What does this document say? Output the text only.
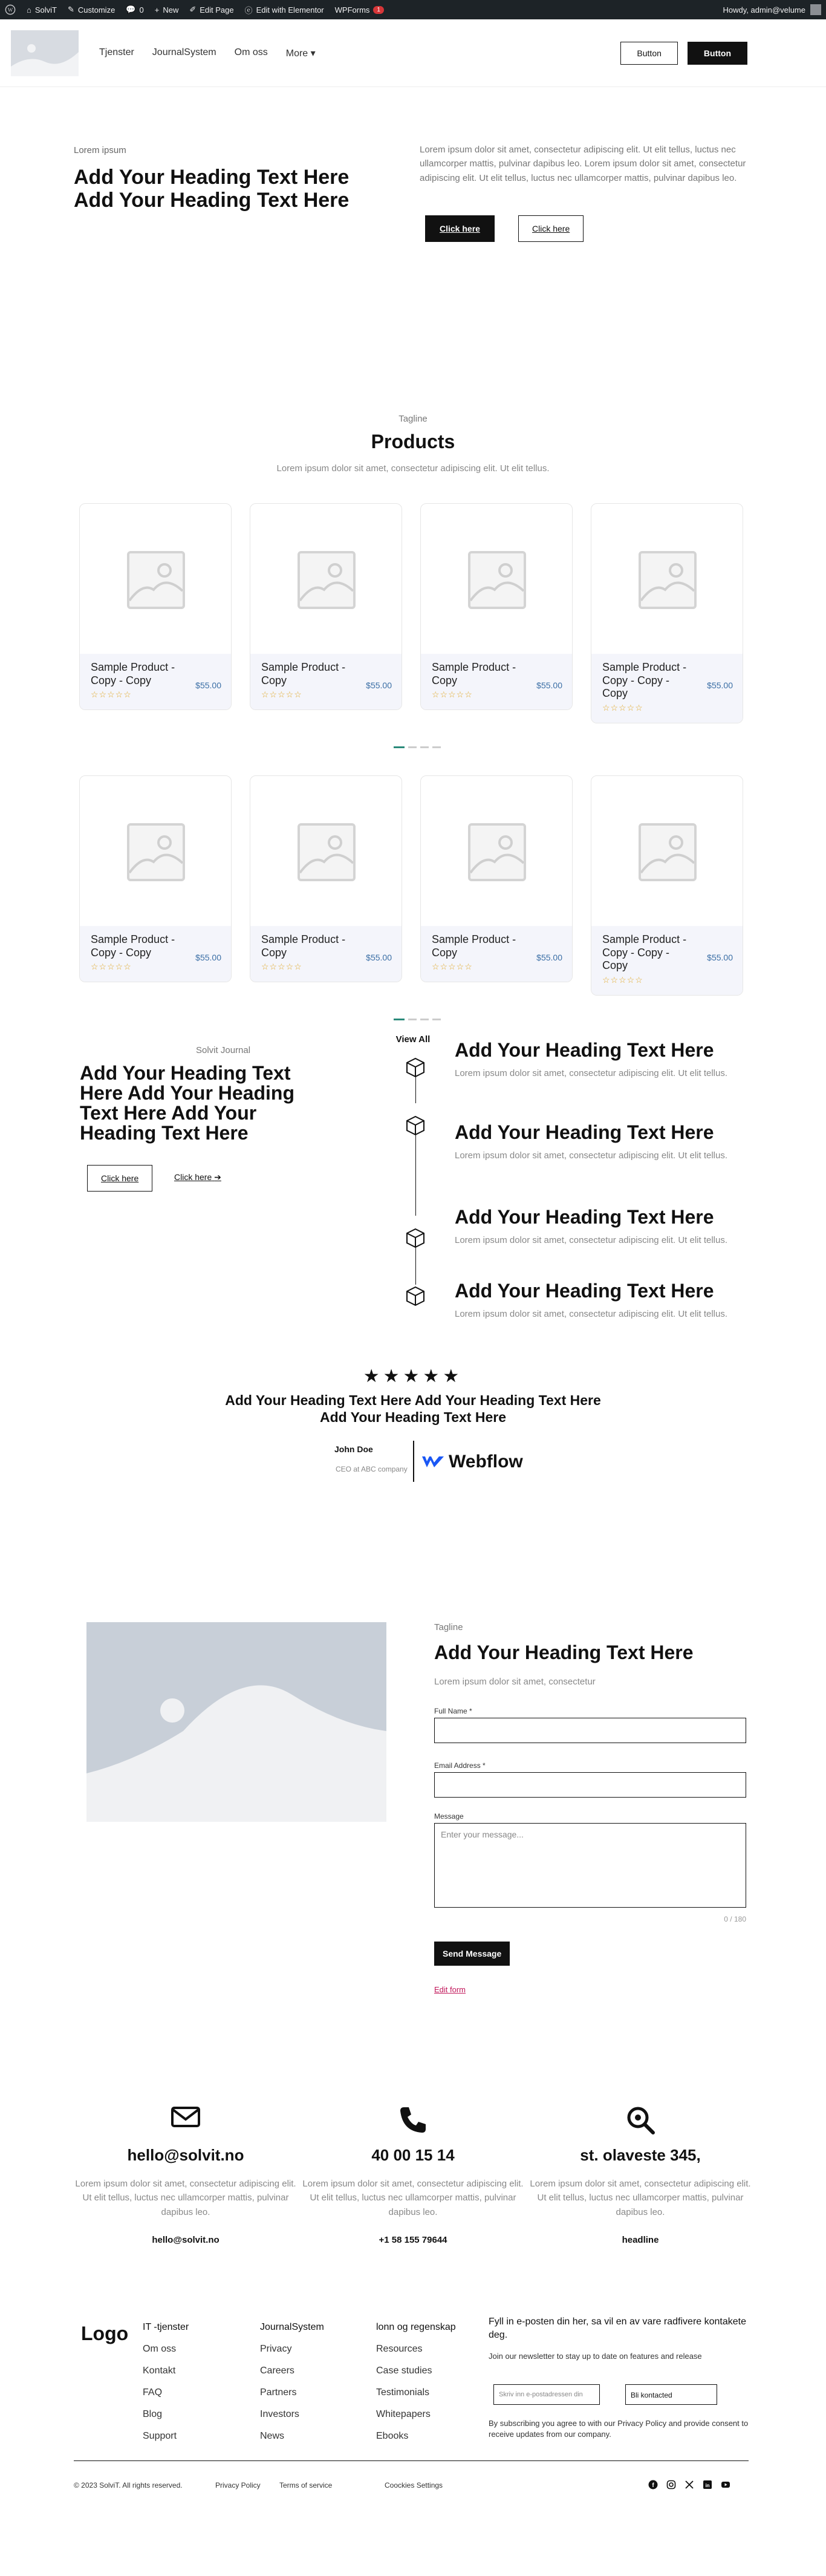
W ⌂ SolviT ✎ Customize 💬 0 + New ✐ Edit Page ⓔ Edit with Elementor WPForms	1	Howdy, admin@velume
Tjenster JournalSystem Om oss More ▾	Button	Button
Lorem ipsum
Add Your Heading Text Here Add Your Heading Text Here

Lorem ipsum dolor sit amet, consectetur adipiscing elit. Ut elit tellus, luctus nec ullamcorper mattis, pulvinar dapibus leo. Lorem ipsum dolor sit amet, consectetur adipiscing elit. Ut elit tellus, luctus nec ullamcorper mattis, pulvinar dapibus leo.

Click here	Click here
Tagline
Products
Lorem ipsum dolor sit amet, consectetur adipiscing elit. Ut elit tellus.
Sample Product - Copy - Copy
☆☆☆☆☆
$55.00
Sample Product - Copy
☆☆☆☆☆
$55.00
Sample Product - Copy
☆☆☆☆☆
$55.00
Sample Product - Copy - Copy - Copy
☆☆☆☆☆
$55.00
Sample Product - Copy - Copy
☆☆☆☆☆
$55.00
Sample Product - Copy
☆☆☆☆☆
$55.00
Sample Product - Copy
☆☆☆☆☆
$55.00
Sample Product - Copy - Copy - Copy
☆☆☆☆☆
$55.00
View All
Solvit Journal
Add Your Heading Text Here Add Your Heading Text Here Add Your Heading Text Here
Click here	Click here ➔
Add Your Heading Text Here
Lorem ipsum dolor sit amet, consectetur adipiscing elit. Ut elit tellus.
Add Your Heading Text Here
Lorem ipsum dolor sit amet, consectetur adipiscing elit. Ut elit tellus.
Add Your Heading Text Here
Lorem ipsum dolor sit amet, consectetur adipiscing elit. Ut elit tellus.
Add Your Heading Text Here
Lorem ipsum dolor sit amet, consectetur adipiscing elit. Ut elit tellus.
★★★★★
Add Your Heading Text Here Add Your Heading Text Here Add Your Heading Text Here
John Doe
CEO at ABC company Webflow
Tagline
Add Your Heading Text Here
Lorem ipsum dolor sit amet, consectetur
Full Name *
Email Address *
Message
Enter your message...
0 / 180
Send Message
Edit form
hello@solvit.no
Lorem ipsum dolor sit amet, consectetur adipiscing elit. Ut elit tellus, luctus nec ullamcorper mattis, pulvinar dapibus leo.
hello@solvit.no
40 00 15 14
Lorem ipsum dolor sit amet, consectetur adipiscing elit. Ut elit tellus, luctus nec ullamcorper mattis, pulvinar dapibus leo.
+1 58 155 79644
st. olaveste 345,
Lorem ipsum dolor sit amet, consectetur adipiscing elit. Ut elit tellus, luctus nec ullamcorper mattis, pulvinar dapibus leo.
headline
Logo IT -tjenster
Om oss
Kontakt
FAQ
Blog
Support
JournalSystem
Privacy
Careers
Partners
Investors
News
lonn og regenskap
Resources
Case studies
Testimonials
Whitepapers
Ebooks
Fyll in e-posten din her, sa vil en av vare radfivere kontakete deg.
Join our newsletter to stay up to date on features and release
Skriv inn e-postadressen din	Bli kontacted
By subscribing you agree to with our Privacy Policy and provide consent to receive updates from our company.
© 2023 SolviT. All rights reserved.	Privacy Policy	Terms of service	Coockies Settings	f	in
